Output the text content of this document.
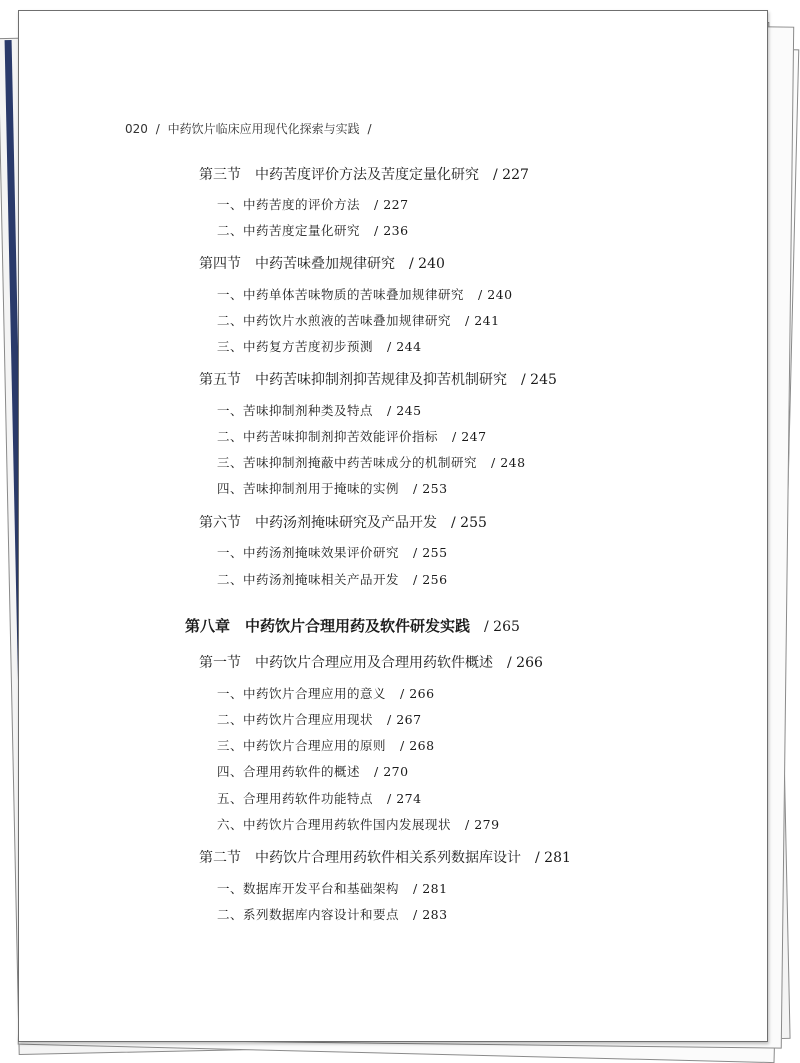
020 / 中药饮片临床应用现代化探索与实践 /
第三节　中药苦度评价方法及苦度定量化研究 / 227
一、中药苦度的评价方法 / 227
二、中药苦度定量化研究 / 236
第四节　中药苦味叠加规律研究 / 240
一、中药单体苦味物质的苦味叠加规律研究 / 240
二、中药饮片水煎液的苦味叠加规律研究 / 241
三、中药复方苦度初步预测 / 244
第五节　中药苦味抑制剂抑苦规律及抑苦机制研究 / 245
一、苦味抑制剂种类及特点 / 245
二、中药苦味抑制剂抑苦效能评价指标 / 247
三、苦味抑制剂掩蔽中药苦味成分的机制研究 / 248
四、苦味抑制剂用于掩味的实例 / 253
第六节　中药汤剂掩味研究及产品开发 / 255
一、中药汤剂掩味效果评价研究 / 255
二、中药汤剂掩味相关产品开发 / 256
第八章　中药饮片合理用药及软件研发实践 / 265
第一节　中药饮片合理应用及合理用药软件概述 / 266
一、中药饮片合理应用的意义 / 266
二、中药饮片合理应用现状 / 267
三、中药饮片合理应用的原则 / 268
四、合理用药软件的概述 / 270
五、合理用药软件功能特点 / 274
六、中药饮片合理用药软件国内发展现状 / 279
第二节　中药饮片合理用药软件相关系列数据库设计 / 281
一、数据库开发平台和基础架构 / 281
二、系列数据库内容设计和要点 / 283
